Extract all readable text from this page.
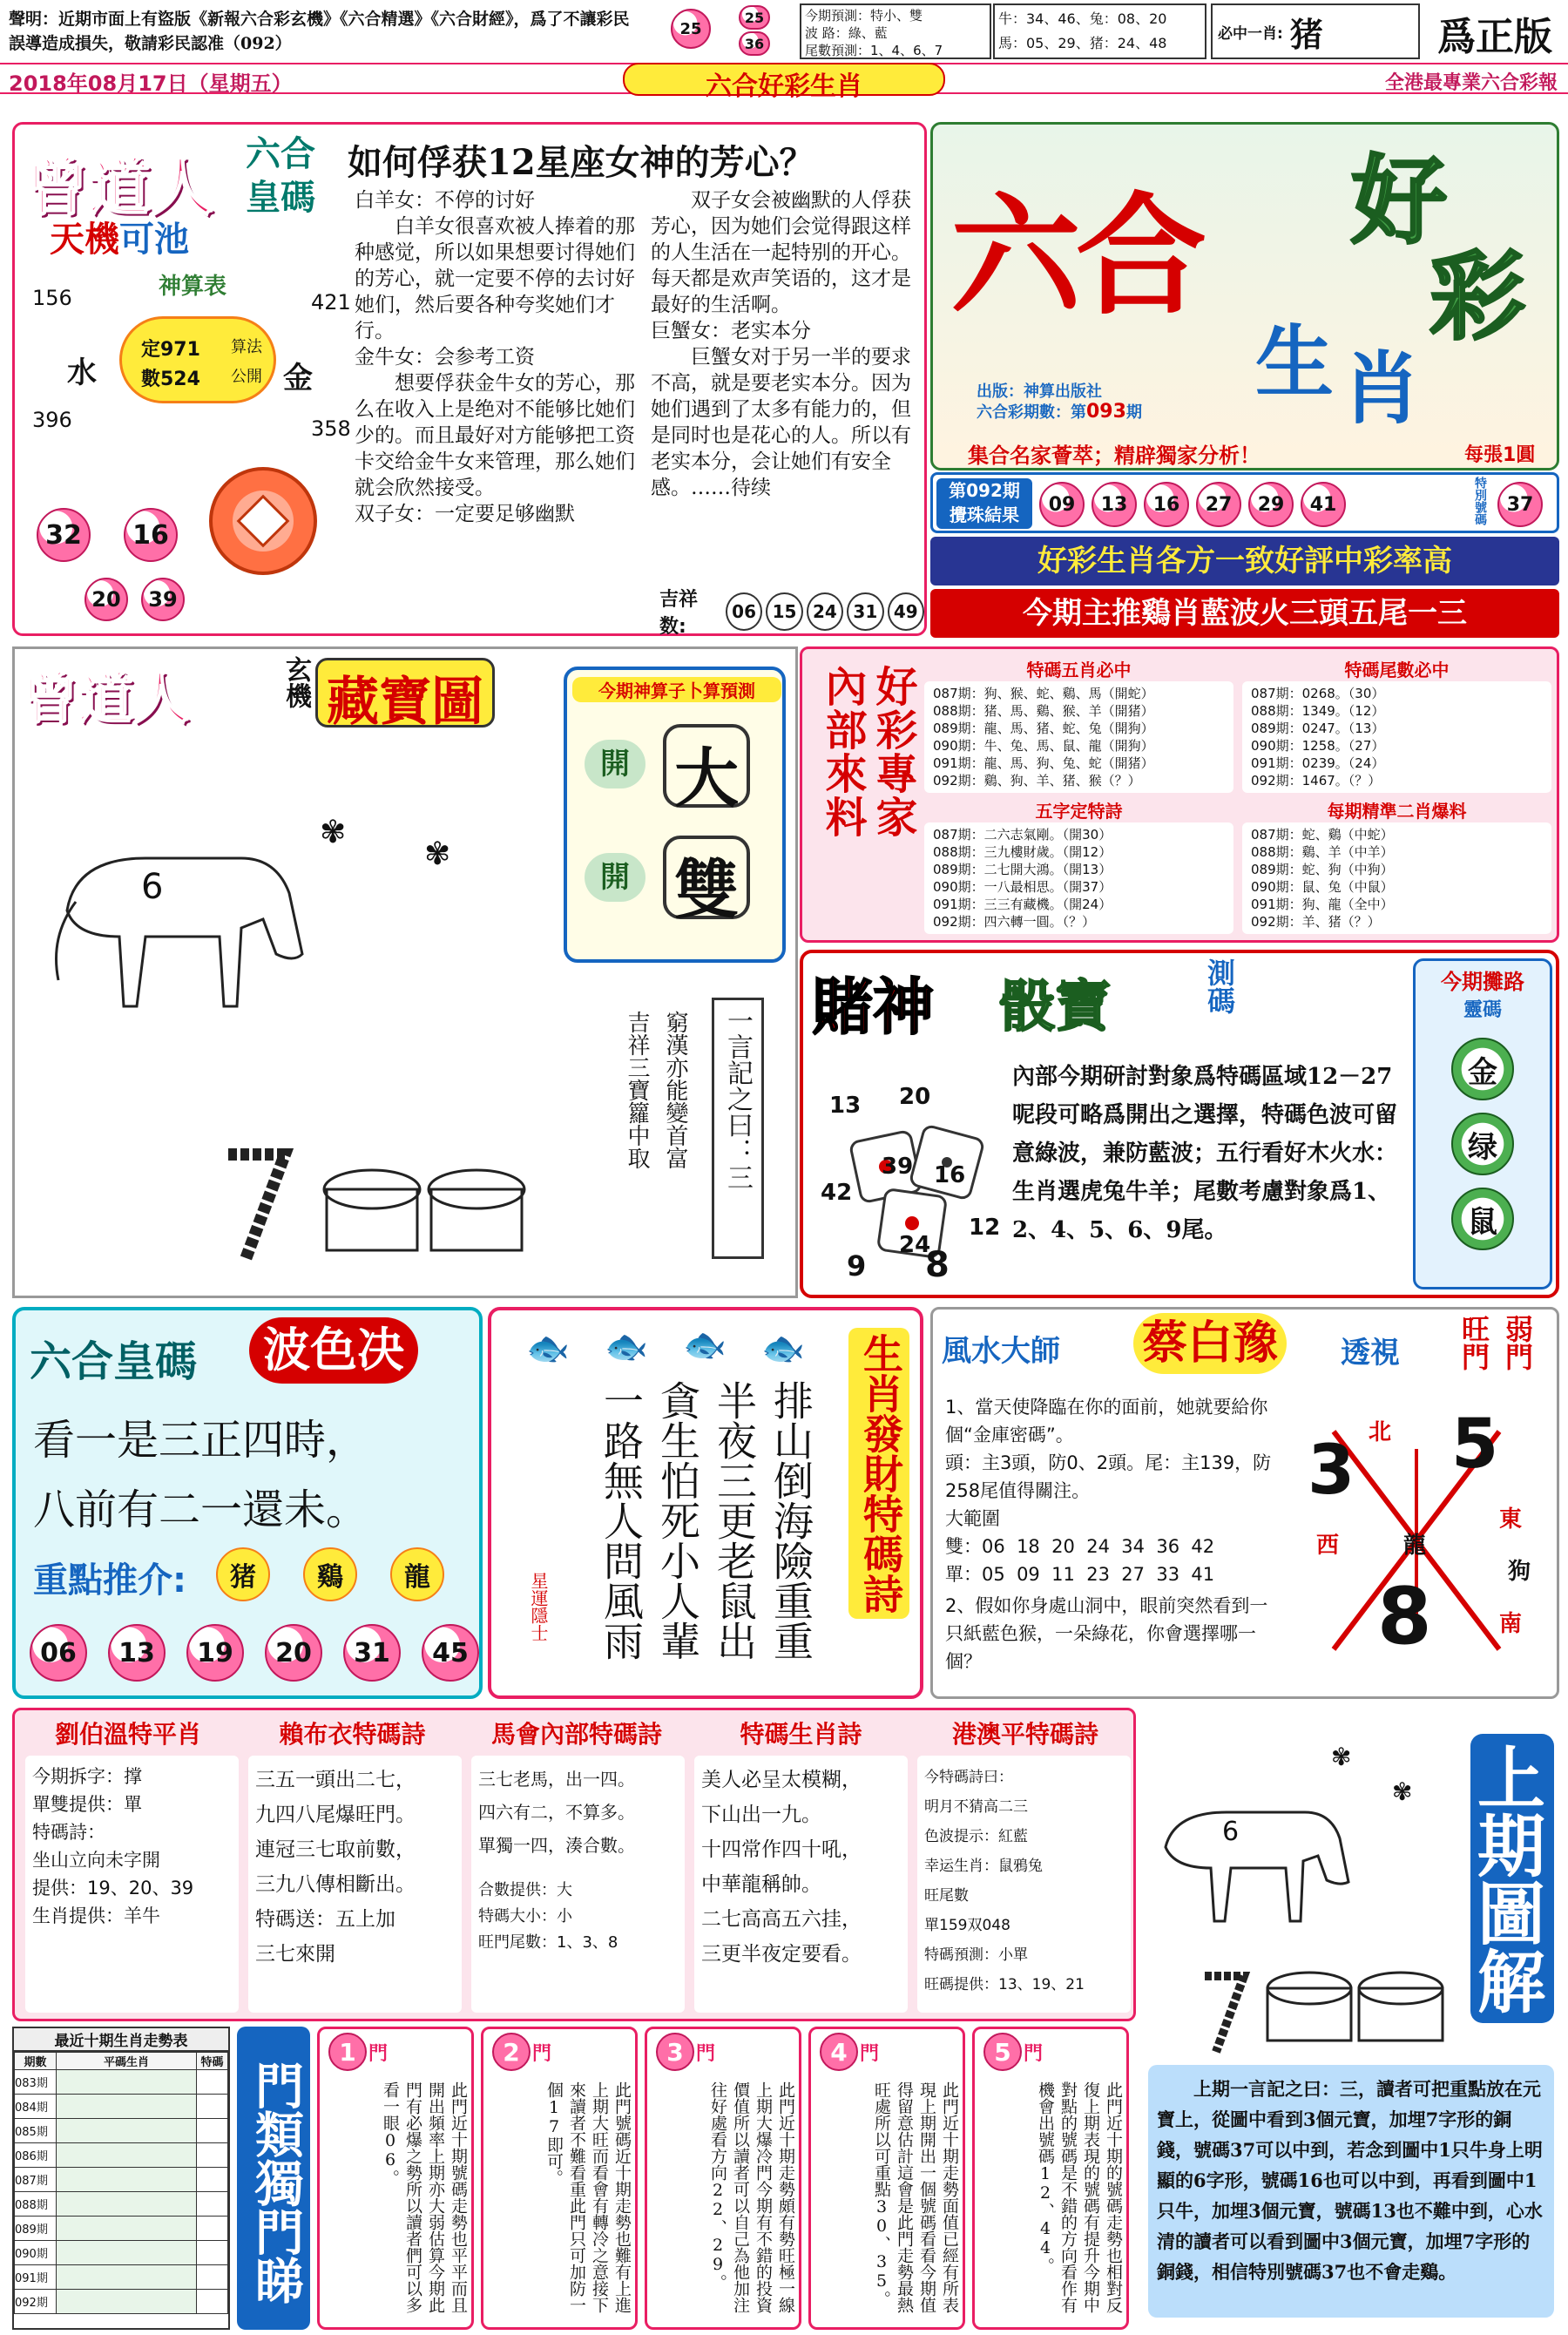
聲明：近期市面上有盜版《新報六合彩玄機》《六合精選》《六合財經》，爲了不讓彩民誤導造成損失，敬請彩民認准（092）
25
25
36
今期預測：特小、雙
波 路：綠、藍
尾數預測：1、4、6、7
牛：34、46、兔：08、20
馬：05、29、猪：24、48
必中一肖: 猪	爲正版
2018年08月17日（星期五）	六合好彩生肖	全港最專業六合彩報
曾道人
天機可池
六合
皇碼
如何俘获12星座女神的芳心？
神算表
156	421
396	358
水	金
定971
數524
算法
公開
32	16
20	39
白羊女：不停的讨好
　　白羊女很喜欢被人捧着的那种感觉，所以如果想要讨得她们的芳心，就一定要不停的去讨好她们，然后要各种夸奖她们才行。
金牛女：会参考工资
　　想要俘获金牛女的芳心，那么在收入上是绝对不能够比她们少的。而且最好对方能够把工资卡交给金牛女来管理，那么她们就会欣然接受。
双子女：一定要足够幽默
　　双子女会被幽默的人俘获芳心，因为她们会觉得跟这样的人生活在一起特别的开心。每天都是欢声笑语的，这才是最好的生活啊。
巨蟹女：老实本分
　　巨蟹女对于另一半的要求不高，就是要老实本分。因为她们遇到了太多有能力的，但是同时也是花心的人。所以有老实本分，会让她们有安全感。……待续
吉祥数:
06 15 24 31 49
六合 好
彩
生 肖
出版：神算出版社
六合彩期數：第093期
集合名家薈萃；精辟獨家分析！	每張1圓
第092期
攪珠結果	09	13	16	27	29	41	特別號碼	37
好彩生肖各方一致好評中彩率高
今期主推鷄肖藍波火三頭五尾一三
曾道人	玄機 藏寶圖
6
✾
✾
今期神算子卜算預測
開 大
開 雙
一言記之曰：三
窮漢亦能變首富
吉祥三寶籮中取
好彩專家
內部來料	特碼五肖必中
087期：狗、猴、蛇、鷄、馬（開蛇）
088期：猪、馬、鷄、猴、羊（開猪）
089期：龍、馬、猪、蛇、兔（開狗）
090期：牛、兔、馬、鼠、龍（開狗）
091期：龍、馬、狗、兔、蛇（開猪）
092期：鷄、狗、羊、猪、猴（？）
特碼尾數必中
087期：0268。（30）
088期：1349。（12）
089期：0247。（13）
090期：1258。（27）
091期：0239。（24）
092期：1467。（？）
五字定特詩
087期：二六志氣剛。（開30）
088期：三九樓財歲。（開12）
089期：二七開大鴻。（開13）
090期：一八最相思。（開37）
091期：三三有藏機。（開24）
092期：四六轉一圓。（？）
每期精準二肖爆料
087期：蛇、鷄（中蛇）
088期：鷄、羊（中羊）
089期：蛇、狗（中狗）
090期：鼠、兔（中鼠）
091期：狗、龍（全中）
092期：羊、猪（？）
賭神 骰寶	測碼	今期攤路
靈碼
金
绿
鼠
13 20
39 16
42
12
24
9 8
內部今期研討對象爲特碼區域12－27呢段可略爲開出之選擇，特碼色波可留意綠波，兼防藍波；五行看好木火水：生肖選虎兔牛羊；尾數考慮對象爲1、2、4、5、6、9尾。
六合皇碼 波色决
看一是三正四時，
八前有二一還未。
重點推介:	猪	鷄	龍
06	13	19	20	31	45
🐟 🐟 🐟 🐟
排山倒海險重重
半夜三更老鼠出
貪生怕死小人輩
一路無人問風雨
星運隱士	生肖發財特碼詩 風水大師 蔡白豫 透視 旺門 弱門
1、當天使降臨在你的面前，她就要給你個“金庫密碼”。
頭：主3頭，防0、2頭。尾：主139，防258尾值得關注。
大範圍
雙：06  18  20  24  34  36  42
單：05  09  11  23  27  33  41
2、假如你身處山洞中，眼前突然看到一只紙藍色猴，一朵綠花，你會選擇哪一個？
3 5
8
北
東
西
南
龍
狗
劉伯溫特平肖	賴布衣特碼詩	馬會內部特碼詩	特碼生肖詩	港澳平特碼詩
今期拆字：撑
單雙提供：單
特碼詩：
坐山立向未字開
提供：19、20、39
生肖提供：羊牛
三五一頭出二七，
九四八尾爆旺門。
連冠三七取前數，
三九八傳相斷出。
特碼送：五上加
三七來開
三七老馬，出一四。
四六有二，不算多。
單獨一四，湊合數。
合數提供：大
特碼大小：小
旺門尾數：1、3、8
美人必呈太模糊，
下山出一九。
十四常作四十吼，
中華龍稱帥。
二七高高五六挂，
三更半夜定要看。
今特碼詩曰：
明月不猜高二三
色波提示：紅藍
幸运生肖：鼠鴉兔
旺尾數
單159双048
特碼預測：小單
旺碼提供：13、19、21	上期圖解
6
✾
✾
　　上期一言記之曰：三，讀者可把重點放在元寶上，從圖中看到3個元寶，加埋7字形的銅錢，號碼37可以中到，若念到圖中1只牛身上明顯的6字形，號碼16也可以中到，再看到圖中1只牛，加埋3個元寶，號碼13也不難中到，心水清的讀者可以看到圖中3個元寶，加埋7字形的銅錢，相信特別號碼37也不會走鷄。
最近十期生肖走勢表
期數	平碼生肖	特碼
083期		
084期		
085期		
086期		
087期		
088期		
089期		
090期		
091期		
092期			門類獨門睇
1 門
此門近十期號碼走勢也平平而且開出頻率上期亦大弱估算今期此門有必爆之勢所以讀者們可以多看一眼06。
2 門
此門號碼近十期走勢也難有上進上期大旺而看會有轉冷之意接下來讀者不難看重此門只可加防一個17即可。
3 門
此門近十期走勢頗有勢旺極一線上期大爆冷門今期有不錯的投資價值所以讀者可以自己為他加注往好處看方向22、29。
4 門
此門近十期走勢面值已經有所表現上期開出一個號碼看看今期值得留意估計這會是此門走勢最熱旺處所以可重點30、35。
5 門
此門近十期的號碼走勢也相對反復上期表現的號碼有提升今期中對點的號碼是不錯的方向看作有機會出號碼12、44。
